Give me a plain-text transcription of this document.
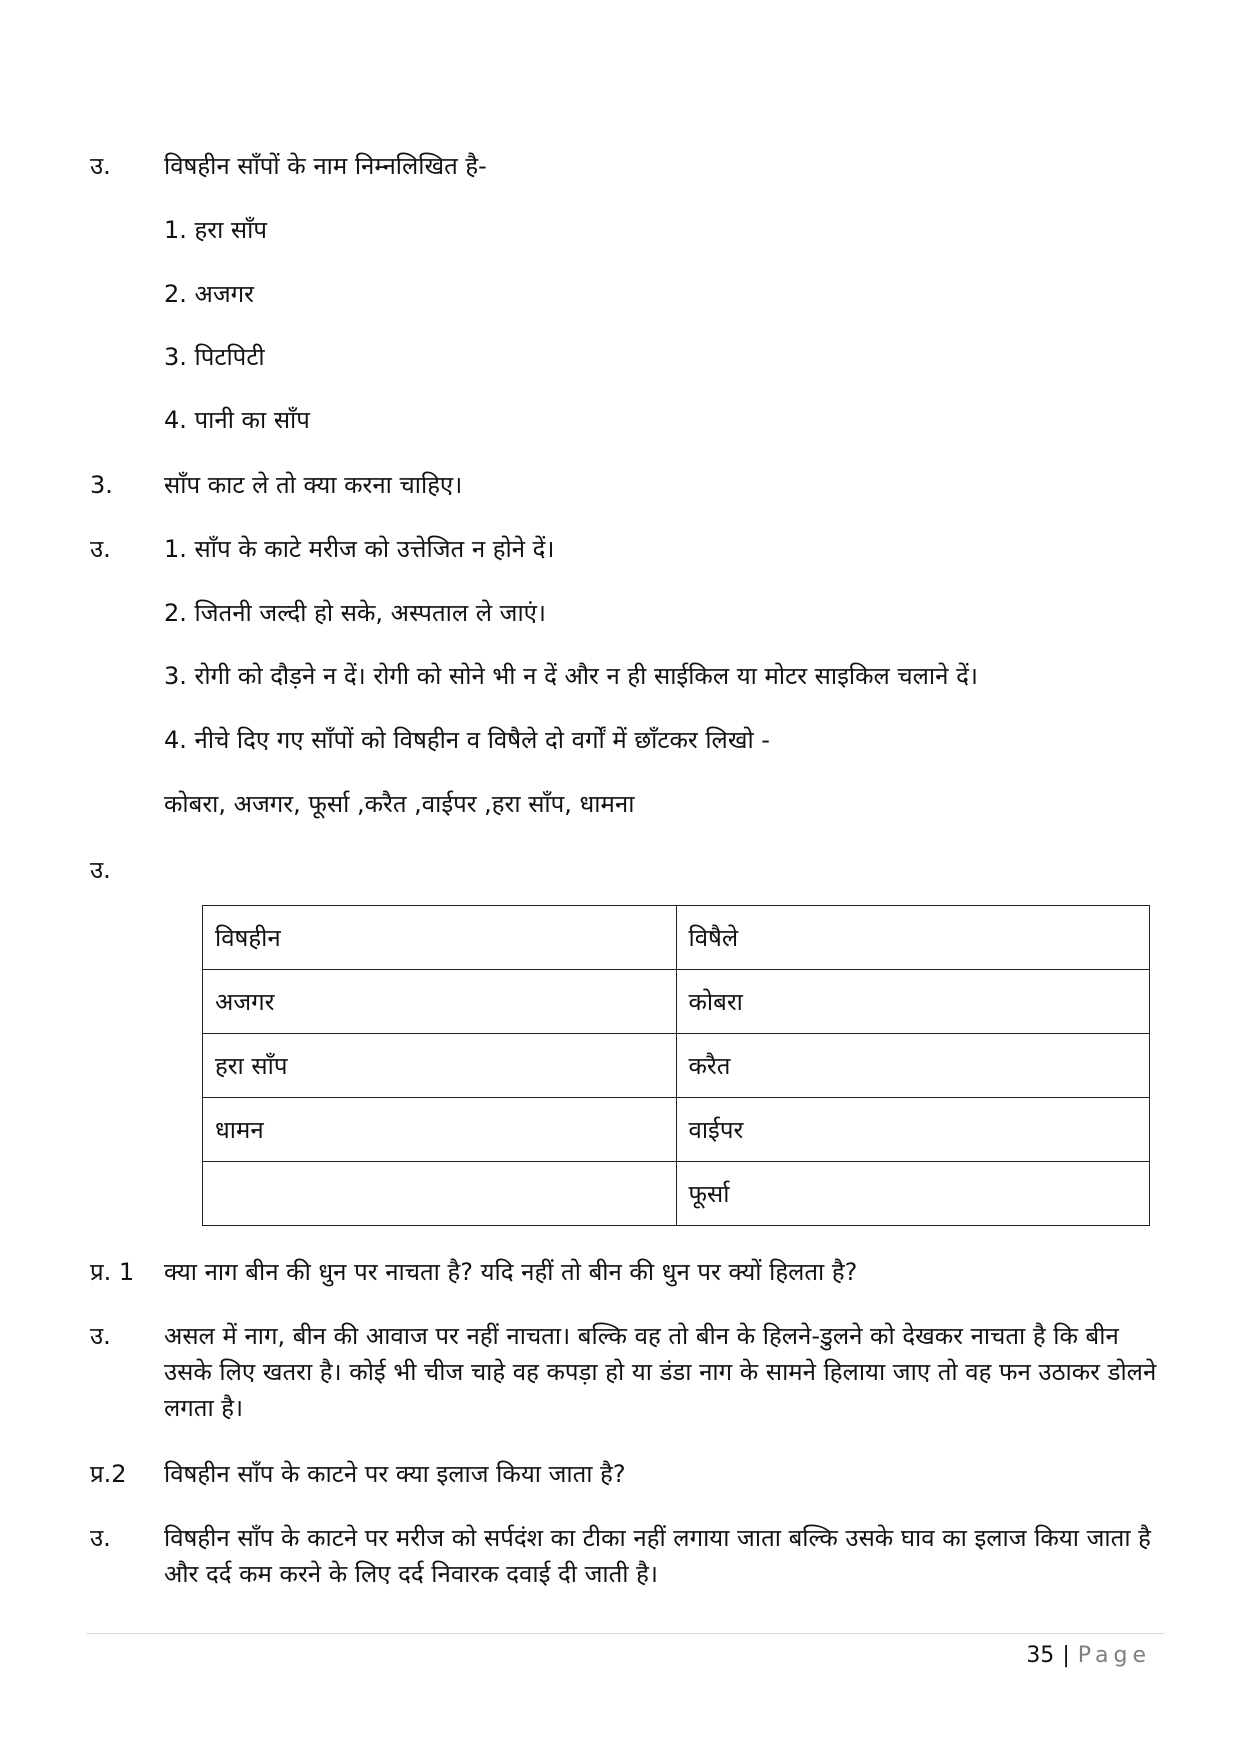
उ. विषहीन साँपों के नाम निम्नलिखित है-
1. हरा साँप
2. अजगर
3. पिटपिटी
4. पानी का साँप
3. साँप काट ले तो क्या करना चाहिए।
उ. 1. साँप के काटे मरीज को उत्तेजित न होने दें।
2. जितनी जल्दी हो सके, अस्पताल ले जाएं।
3. रोगी को दौड़ने न दें। रोगी को सोने भी न दें और न ही साईकिल या मोटर साइकिल चलाने दें।
4. नीचे दिए गए साँपों को विषहीन व विषैले दो वर्गों में छाँटकर लिखो -
कोबरा, अजगर, फूर्सा ,करैत ,वाईपर ,हरा साँप, धामना
उ.
विषहीन	विषैले
अजगर	कोबरा
हरा साँप	करैत
धामन	वाईपर
	फूर्सा
प्र. 1 क्या नाग बीन की धुन पर नाचता है? यदि नहीं तो बीन की धुन पर क्यों हिलता है?
उ. असल में नाग, बीन की आवाज पर नहीं नाचता। बल्कि वह तो बीन के हिलने-डुलने को देखकर नाचता है कि बीन उसके लिए खतरा है। कोई भी चीज चाहे वह कपड़ा हो या डंडा नाग के सामने हिलाया जाए तो वह फन उठाकर डोलने लगता है।
प्र.2 विषहीन साँप के काटने पर क्या इलाज किया जाता है?
उ. विषहीन साँप के काटने पर मरीज को सर्पदंश का टीका नहीं लगाया जाता बल्कि उसके घाव का इलाज किया जाता है और दर्द कम करने के लिए दर्द निवारक दवाई दी जाती है।
35 | Page
